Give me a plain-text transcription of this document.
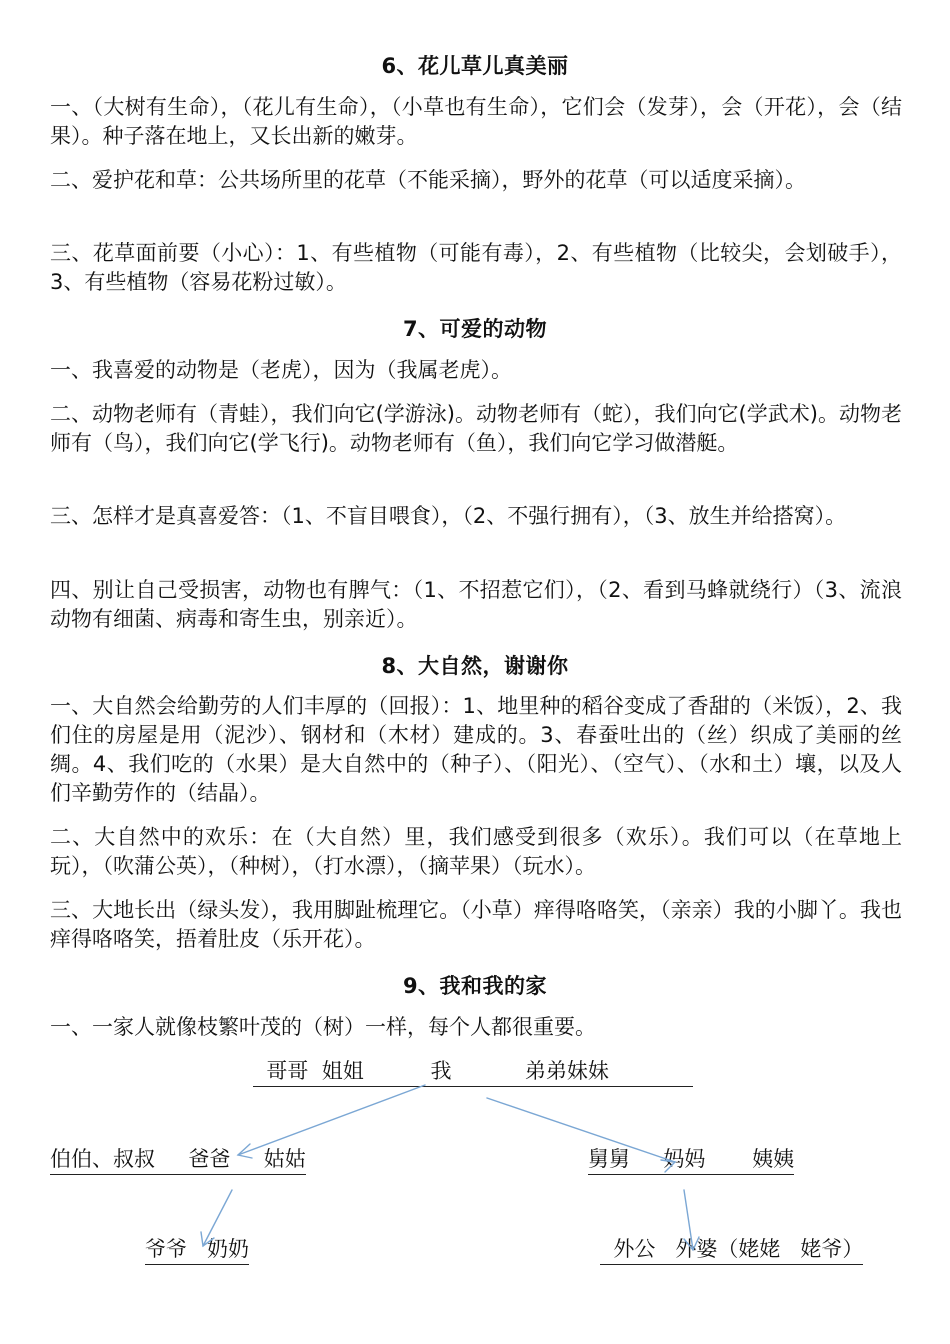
6、花儿草儿真美丽
一、（大树有生命），（花儿有生命），（小草也有生命），它们会（发芽），会（开花），会（结果）。种子落在地上，又长出新的嫩芽。
二、爱护花和草：公共场所里的花草（不能采摘），野外的花草（可以适度采摘）。
三、花草面前要（小心）：1、有些植物（可能有毒），2、有些植物（比较尖，会划破手），3、有些植物（容易花粉过敏）。
7、可爱的动物
一、我喜爱的动物是（老虎），因为（我属老虎）。
二、动物老师有（青蛙），我们向它(学游泳)。动物老师有（蛇），我们向它(学武术)。动物老师有（鸟），我们向它(学飞行)。动物老师有（鱼），我们向它学习做潜艇。
三、怎样才是真喜爱答：（1、不盲目喂食），（2、不强行拥有），（3、放生并给搭窝）。
四、别让自己受损害，动物也有脾气：（1、不招惹它们），（2、看到马蜂就绕行）（3、流浪动物有细菌、病毒和寄生虫，别亲近）。
8、大自然，谢谢你
一、大自然会给勤劳的人们丰厚的（回报）：1、地里种的稻谷变成了香甜的（米饭），2、我们住的房屋是用（泥沙）、钢材和（木材）建成的。3、春蚕吐出的（丝）织成了美丽的丝绸。4、我们吃的（水果）是大自然中的（种子）、（阳光）、（空气）、（水和土）壤，以及人们辛勤劳作的（结晶）。
二、大自然中的欢乐：在（大自然）里，我们感受到很多（欢乐）。我们可以（在草地上玩），（吹蒲公英），（种树），（打水漂），（摘苹果）（玩水）。
三、大地长出（绿头发），我用脚趾梳理它。（小草）痒得咯咯笑，（亲亲）我的小脚丫。我也痒得咯咯笑，捂着肚皮（乐开花）。
9、我和我的家
一、一家人就像枝繁叶茂的（树）一样，每个人都很重要。
哥哥  姐姐          我           弟弟妹妹
伯伯、叔叔     爸爸     姑姑	舅舅     妈妈       姨姨
爷爷   奶奶	外公   外婆（姥姥   姥爷）
